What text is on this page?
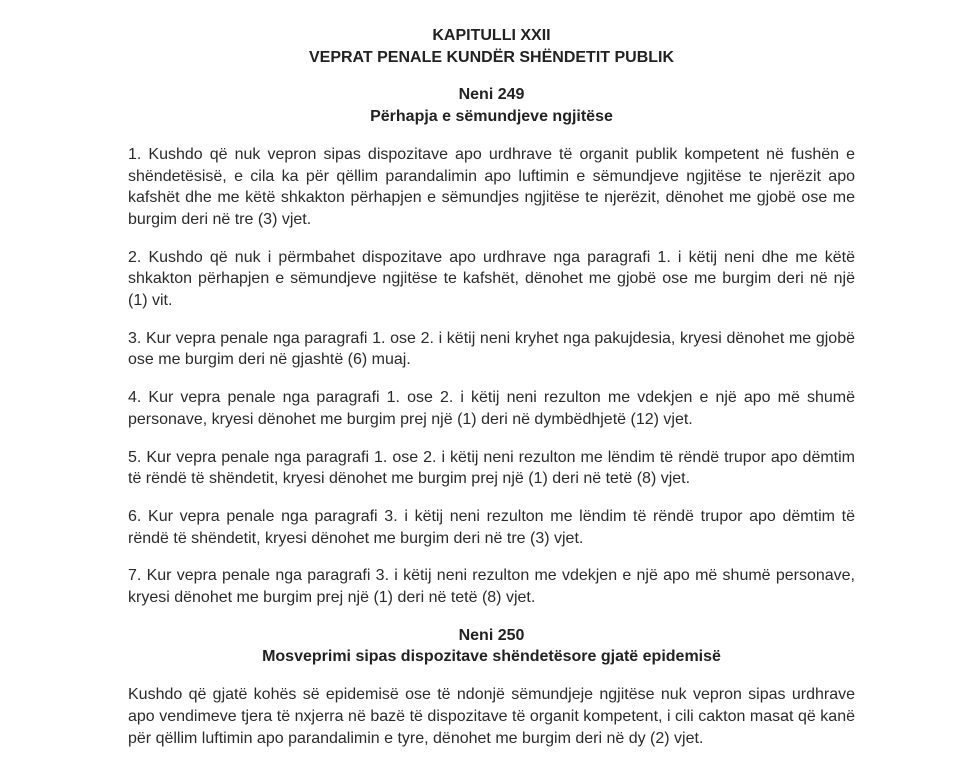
KAPITULLI XXII
VEPRAT PENALE KUNDËR SHËNDETIT PUBLIK
Neni 249
Përhapja e sëmundjeve ngjitëse

1. Kushdo që nuk vepron sipas dispozitave apo urdhrave të organit publik kompetent në fushën e shëndetësisë, e cila ka për qëllim parandalimin apo luftimin e sëmundjeve ngjitëse te njerëzit apo kafshët dhe me këtë shkakton përhapjen e sëmundjes ngjitëse te njerëzit, dënohet me gjobë ose me burgim deri në tre (3) vjet.

2. Kushdo që nuk i përmbahet dispozitave apo urdhrave nga paragrafi 1. i këtij neni dhe me këtë shkakton përhapjen e sëmundjeve ngjitëse te kafshët, dënohet me gjobë ose me burgim deri në një (1) vit.

3. Kur vepra penale nga paragrafi 1. ose 2. i këtij neni kryhet nga pakujdesia, kryesi dënohet me gjobë ose me burgim deri në gjashtë (6) muaj.

4. Kur vepra penale nga paragrafi 1. ose 2. i këtij neni rezulton me vdekjen e një apo më shumë personave, kryesi dënohet me burgim prej një (1) deri në dymbëdhjetë (12) vjet.

5. Kur vepra penale nga paragrafi 1. ose 2. i këtij neni rezulton me lëndim të rëndë trupor apo dëmtim të rëndë të shëndetit, kryesi dënohet me burgim prej një (1) deri në tetë (8) vjet.

6. Kur vepra penale nga paragrafi 3. i këtij neni rezulton me lëndim të rëndë trupor apo dëmtim të rëndë të shëndetit, kryesi dënohet me burgim deri në tre (3) vjet.

7. Kur vepra penale nga paragrafi 3. i këtij neni rezulton me vdekjen e një apo më shumë personave, kryesi dënohet me burgim prej një (1) deri në tetë (8) vjet.

Neni 250
Mosveprimi sipas dispozitave shëndetësore gjatë epidemisë

Kushdo që gjatë kohës së epidemisë ose të ndonjë sëmundjeje ngjitëse nuk vepron sipas urdhrave apo vendimeve tjera të nxjerra në bazë të dispozitave të organit kompetent, i cili cakton masat që kanë për qëllim luftimin apo parandalimin e tyre, dënohet me burgim deri në dy (2) vjet.
